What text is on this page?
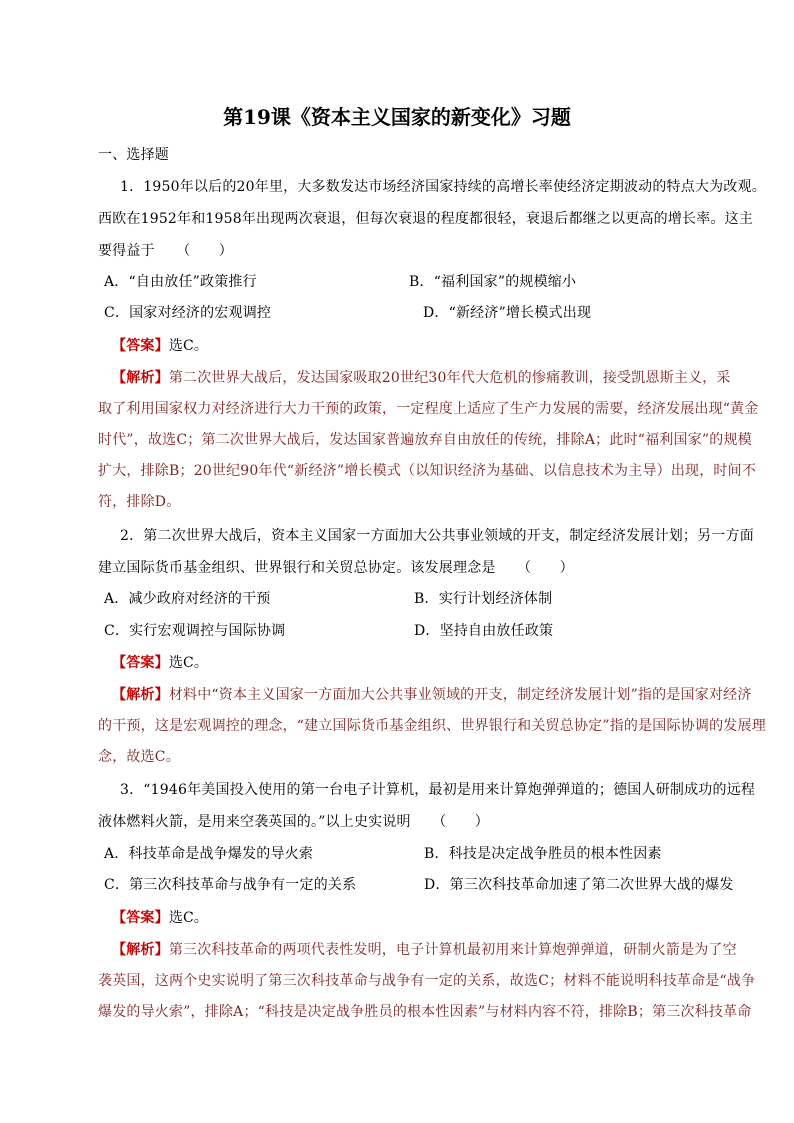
第19课《资本主义国家的新变化》习题
一、选择题
1．1950年以后的20年里，大多数发达市场经济国家持续的高增长率使经济定期波动的特点大为改观。
西欧在1952年和1958年出现两次衰退，但每次衰退的程度都很轻，衰退后都继之以更高的增长率。这主
要得益于　　（　　）
A．“自由放任”政策推行	B．“福利国家”的规模缩小
C．国家对经济的宏观调控	D．“新经济”增长模式出现
【答案】选C。
【解析】第二次世界大战后，发达国家吸取20世纪30年代大危机的惨痛教训，接受凯恩斯主义，采
取了利用国家权力对经济进行大力干预的政策，一定程度上适应了生产力发展的需要，经济发展出现“黄金
时代”，故选C；第二次世界大战后，发达国家普遍放弃自由放任的传统，排除A；此时“福利国家”的规模
扩大，排除B；20世纪90年代“新经济”增长模式（以知识经济为基础、以信息技术为主导）出现，时间不
符，排除D。
2．第二次世界大战后，资本主义国家一方面加大公共事业领域的开支，制定经济发展计划；另一方面
建立国际货币基金组织、世界银行和关贸总协定。该发展理念是　　（　　）
A．减少政府对经济的干预	B．实行计划经济体制
C．实行宏观调控与国际协调	D．坚持自由放任政策
【答案】选C。
【解析】材料中“资本主义国家一方面加大公共事业领域的开支，制定经济发展计划”指的是国家对经济
的干预，这是宏观调控的理念，“建立国际货币基金组织、世界银行和关贸总协定”指的是国际协调的发展理
念，故选C。
3．“1946年美国投入使用的第一台电子计算机，最初是用来计算炮弹弹道的；德国人研制成功的远程
液体燃料火箭，是用来空袭英国的。”以上史实说明　　（　　）
A．科技革命是战争爆发的导火索	B．科技是决定战争胜员的根本性因素
C．第三次科技革命与战争有一定的关系	D．第三次科技革命加速了第二次世界大战的爆发
【答案】选C。
【解析】第三次科技革命的两项代表性发明，电子计算机最初用来计算炮弹弹道，研制火箭是为了空
袭英国，这两个史实说明了第三次科技革命与战争有一定的关系，故选C；材料不能说明科技革命是“战争
爆发的导火索”，排除A；“科技是决定战争胜员的根本性因素”与材料内容不符，排除B；第三次科技革命
